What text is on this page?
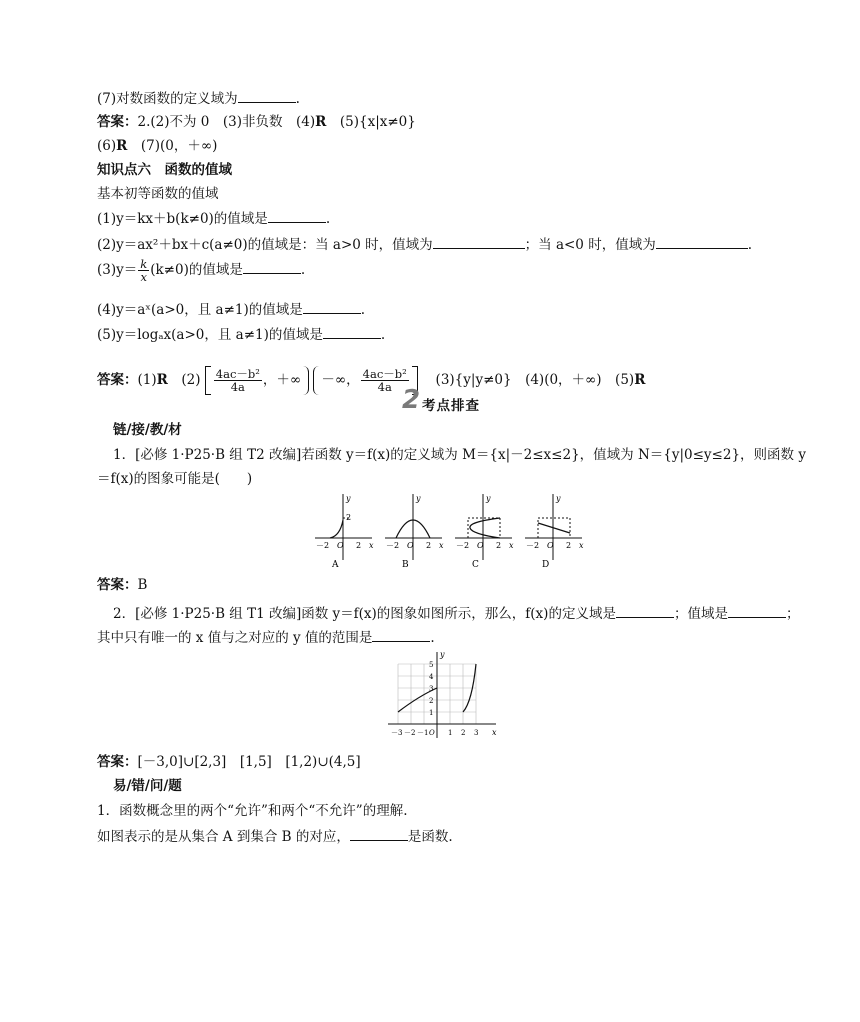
(7)对数函数的定义域为	.
答案：2.(2)不为 0　(3)非负数　(4)R　(5){x|x≠0}
(6)R　(7)(0，＋∞)
知识点六　函数的值域
基本初等函数的值域
(1)y＝kx＋b(k≠0)的值域是	.
(2)y＝ax²＋bx＋c(a≠0)的值域是：当 a>0 时，值域为	；当 a<0 时，值域为	.
$(3)y= \frac{k}{x} (k\ne 0)$的值域是	.
(4)y＝aˣ(a>0，且 a≠1)的值域是	.
(5)y＝logₐx(a>0，且 a≠1)的值域是	.
答案：(1)R　$(2) \frac{\text{4ac－b²}}{4a}$ ，＋∞ －∞， $\frac{\text{4ac－b²}}{4a}$ 　(3){y|y≠0}　(4)(0，＋∞)　(5)R
2 考点排查
链/接/教/材
1．[必修 1·P25·B 组 T2 改编]若函数 y＝f(x)的定义域为 M＝{x|－2≤x≤2}，值域为 N＝{y|0≤y≤2}，则函数 y
＝f(x)的图象可能是(　　)
y
2
－2 O 2 x
A
y
－2 O 2 x
B
y
－2 O 2 x
C
y
－2 O 2 x
D
答案：B
2．[必修 1·P25·B 组 T1 改编]函数 y＝f(x)的图象如图所示，那么，f(x)的定义域是	；值域是	；
其中只有唯一的 x 值与之对应的 y 值的范围是	.
y
5
4
3
2
1
－3 －2 －1 O 1 2 3 x
答案：[－3,0]∪[2,3]　[1,5]　[1,2)∪(4,5]
易/错/问/题
1．函数概念里的两个“允许”和两个“不允许”的理解.
如图表示的是从集合 A 到集合 B 的对应，	是函数.
